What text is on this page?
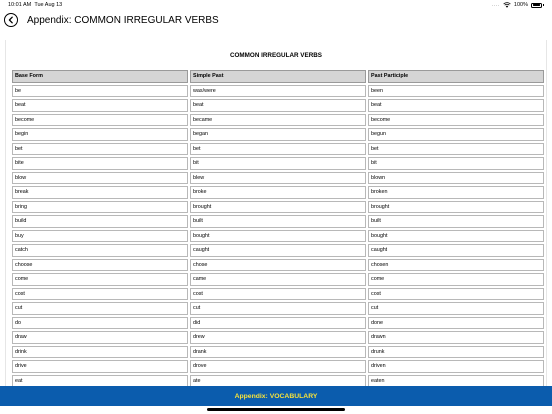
10:01 AM Tue Aug 13	....	100%
Appendix: COMMON IRREGULAR VERBS
COMMON IRREGULAR VERBS
Base Form	Simple Past	Past Participle
be	was/were	been
beat	beat	beat
become	became	become
begin	began	begun
bet	bet	bet
bite	bit	bit
blow	blew	blown
break	broke	broken
bring	brought	brought
build	built	built
buy	bought	bought
catch	caught	caught
choose	chose	chosen
come	came	come
cost	cost	cost
cut	cut	cut
do	did	done
draw	drew	drawn
drink	drank	drunk
drive	drove	driven
eat	ate	eaten
Appendix: VOCABULARY
